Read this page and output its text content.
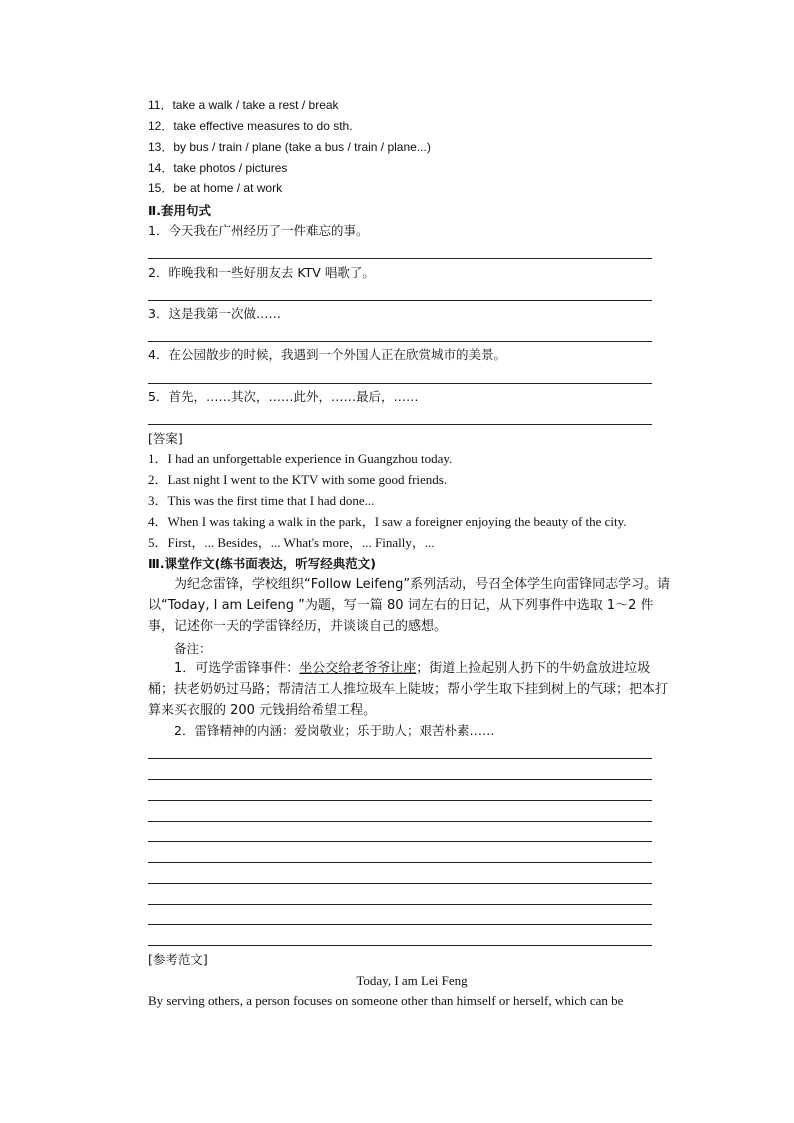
11．take a walk / take a rest / break
12．take effective measures to do sth.
13．by bus / train / plane (take a bus / train / plane...)
14．take photos / pictures
15．be at home / at work
Ⅱ.套用句式
1．今天我在广州经历了一件难忘的事。
2．昨晚我和一些好朋友去 KTV 唱歌了。
3．这是我第一次做……
4．在公园散步的时候，我遇到一个外国人正在欣赏城市的美景。
5．首先，……其次，……此外，……最后，……
[答案]
1．I had an unforgettable experience in Guangzhou today.
2．Last night I went to the KTV with some good friends.
3．This was the first time that I had done...
4．When I was taking a walk in the park，I saw a foreigner enjoying the beauty of the city.
5．First，... Besides，... What's more，... Finally，...
Ⅲ.课堂作文(练书面表达，听写经典范文)
为纪念雷锋，学校组织“Follow Leifeng”系列活动，号召全体学生向雷锋同志学习。请以“Today, I am Leifeng ”为题，写一篇 80 词左右的日记，从下列事件中选取 1～2 件事，记述你一天的学雷锋经历，并谈谈自己的感想。
备注：
1．可选学雷锋事件：坐公交给老爷爷让座；街道上捡起别人扔下的牛奶盒放进垃圾桶；扶老奶奶过马路；帮清洁工人推垃圾车上陡坡；帮小学生取下挂到树上的气球；把本打算来买衣服的 200 元钱捐给希望工程。
2．雷锋精神的内涵：爱岗敬业；乐于助人；艰苦朴素……
[参考范文]
Today, I am Lei Feng
By serving others, a person focuses on someone other than himself or herself, which can be
